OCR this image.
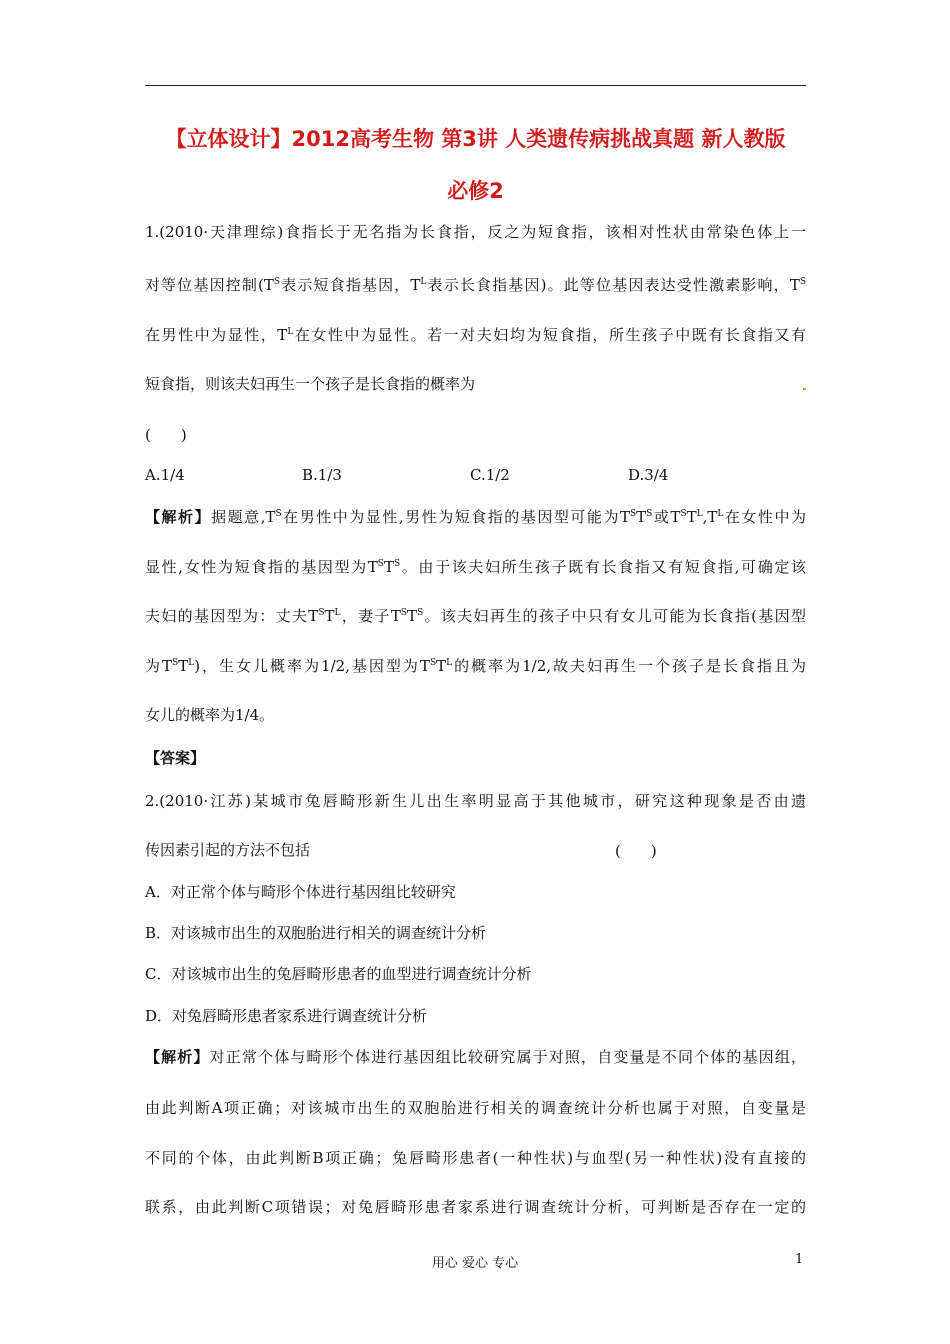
【立体设计】2012高考生物 第3讲 人类遗传病挑战真题 新人教版
必修2
1.(2010·天津理综)食指长于无名指为长食指，反之为短食指，该相对性状由常染色体上一
对等位基因控制($T^S$表示短食指基因，$T^L$表示长食指基因)。此等位基因表达受性激素影响，$T^S$
在男性中为显性，$T^L$在女性中为显性。若一对夫妇均为短食指，所生孩子中既有长食指又有
短食指，则该夫妇再生一个孩子是长食指的概率为
(　　)
A.1/4	B.1/3	C.1/2	D.3/4
【解析】据题意$,T^S$在男性中为显性,男性为短食指的基因型可能为$T^ST^S$或$T^ST^L,T^L$在女性中为
显性,女性为短食指的基因型为$T^ST^S$。由于该夫妇所生孩子既有长食指又有短食指,可确定该
夫妇的基因型为：丈夫$T^ST^L$，妻子$T^ST^S$。该夫妇再生的孩子中只有女儿可能为长食指(基因型
为$T^ST^L$)，生女儿概率为1/2,基因型为$T^ST^L$的概率为1/2,故夫妇再生一个孩子是长食指且为
女儿的概率为1/4。
【答案】
2.(2010·江苏)某城市兔唇畸形新生儿出生率明显高于其他城市，研究这种现象是否由遗
传因素引起的方法不包括	(　　)
A．对正常个体与畸形个体进行基因组比较研究
B．对该城市出生的双胞胎进行相关的调查统计分析
C．对该城市出生的兔唇畸形患者的血型进行调查统计分析
D．对兔唇畸形患者家系进行调查统计分析
【解析】对正常个体与畸形个体进行基因组比较研究属于对照，自变量是不同个体的基因组，
由此判断A项正确；对该城市出生的双胞胎进行相关的调查统计分析也属于对照，自变量是
不同的个体，由此判断B项正确；兔唇畸形患者(一种性状)与血型(另一种性状)没有直接的
联系，由此判断C项错误；对兔唇畸形患者家系进行调查统计分析，可判断是否存在一定的
用心 爱心 专心	1
